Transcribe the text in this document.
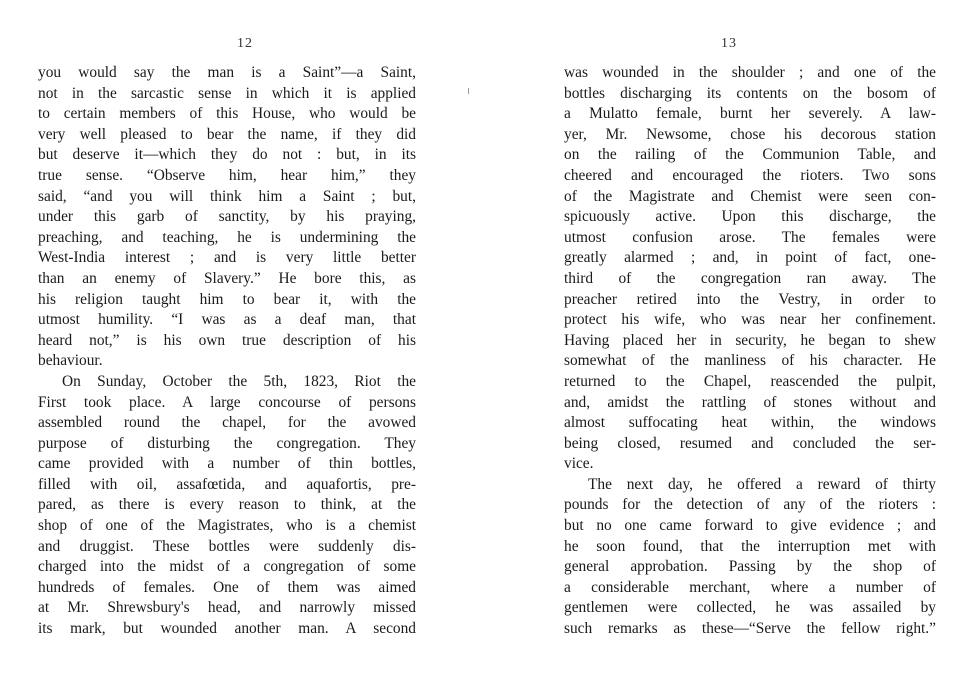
12
you would say the man is a Saint”—a Saint,
not in the sarcastic sense in which it is applied
to certain members of this House, who would be
very well pleased to bear the name, if they did
but deserve it—which they do not : but, in its
true sense. “Observe him, hear him,” they
said, “and you will think him a Saint ; but,
under this garb of sanctity, by his praying,
preaching, and teaching, he is undermining the
West-India interest ; and is very little better
than an enemy of Slavery.” He bore this, as
his religion taught him to bear it, with the
utmost humility. “I was as a deaf man, that
heard not,” is his own true description of his
behaviour.
On Sunday, October the 5th, 1823, Riot the
First took place. A large concourse of persons
assembled round the chapel, for the avowed
purpose of disturbing the congregation. They
came provided with a number of thin bottles,
filled with oil, assafœtida, and aquafortis, pre-
pared, as there is every reason to think, at the
shop of one of the Magistrates, who is a chemist
and druggist. These bottles were suddenly dis-
charged into the midst of a congregation of some
hundreds of females. One of them was aimed
at Mr. Shrewsbury's head, and narrowly missed
its mark, but wounded another man. A second
13
was wounded in the shoulder ; and one of the
bottles discharging its contents on the bosom of
a Mulatto female, burnt her severely. A law-
yer, Mr. Newsome, chose his decorous station
on the railing of the Communion Table, and
cheered and encouraged the rioters. Two sons
of the Magistrate and Chemist were seen con-
spicuously active. Upon this discharge, the
utmost confusion arose. The females were
greatly alarmed ; and, in point of fact, one-
third of the congregation ran away. The
preacher retired into the Vestry, in order to
protect his wife, who was near her confinement.
Having placed her in security, he began to shew
somewhat of the manliness of his character. He
returned to the Chapel, reascended the pulpit,
and, amidst the rattling of stones without and
almost suffocating heat within, the windows
being closed, resumed and concluded the ser-
vice.
The next day, he offered a reward of thirty
pounds for the detection of any of the rioters :
but no one came forward to give evidence ; and
he soon found, that the interruption met with
general approbation. Passing by the shop of
a considerable merchant, where a number of
gentlemen were collected, he was assailed by
such remarks as these—“Serve the fellow right.”
